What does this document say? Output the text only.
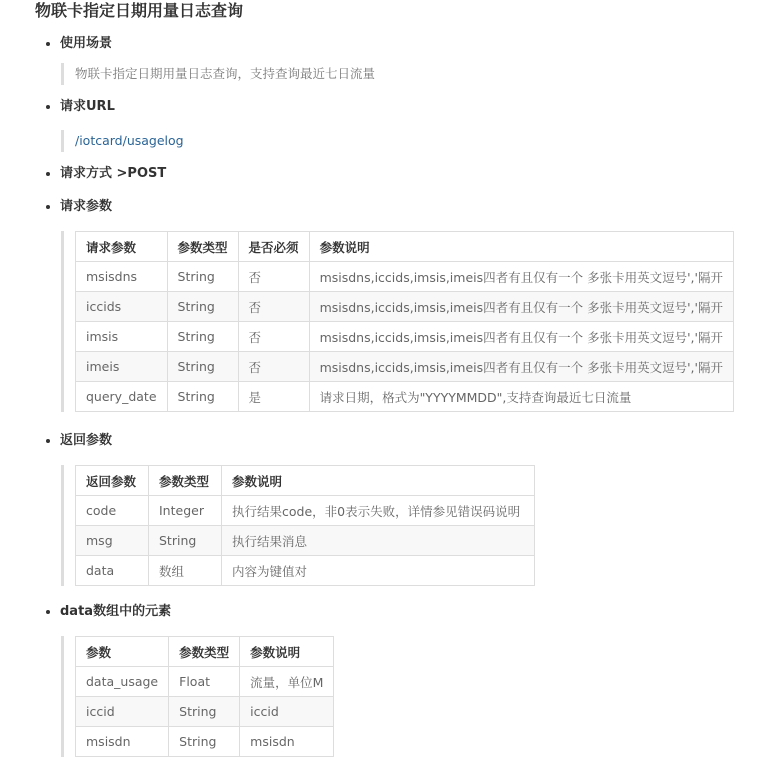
物联卡指定日期用量日志查询
使用场景
物联卡指定日期用量日志查询，支持查询最近七日流量
请求URL
/iotcard/usagelog
请求方式 >POST
请求参数
请求参数	参数类型	是否必须	参数说明
msisdns	String	否	msisdns,iccids,imsis,imeis四者有且仅有一个 多张卡用英文逗号','隔开
iccids	String	否	msisdns,iccids,imsis,imeis四者有且仅有一个 多张卡用英文逗号','隔开
imsis	String	否	msisdns,iccids,imsis,imeis四者有且仅有一个 多张卡用英文逗号','隔开
imeis	String	否	msisdns,iccids,imsis,imeis四者有且仅有一个 多张卡用英文逗号','隔开
query_date	String	是	请求日期，格式为"YYYYMMDD",支持查询最近七日流量
返回参数
返回参数	参数类型	参数说明
code	Integer	执行结果code，非0表示失败，详情参见错误码说明
msg	String	执行结果消息
data	数组	内容为键值对
data数组中的元素
参数	参数类型	参数说明
data_usage	Float	流量，单位M
iccid	String	iccid
msisdn	String	msisdn
